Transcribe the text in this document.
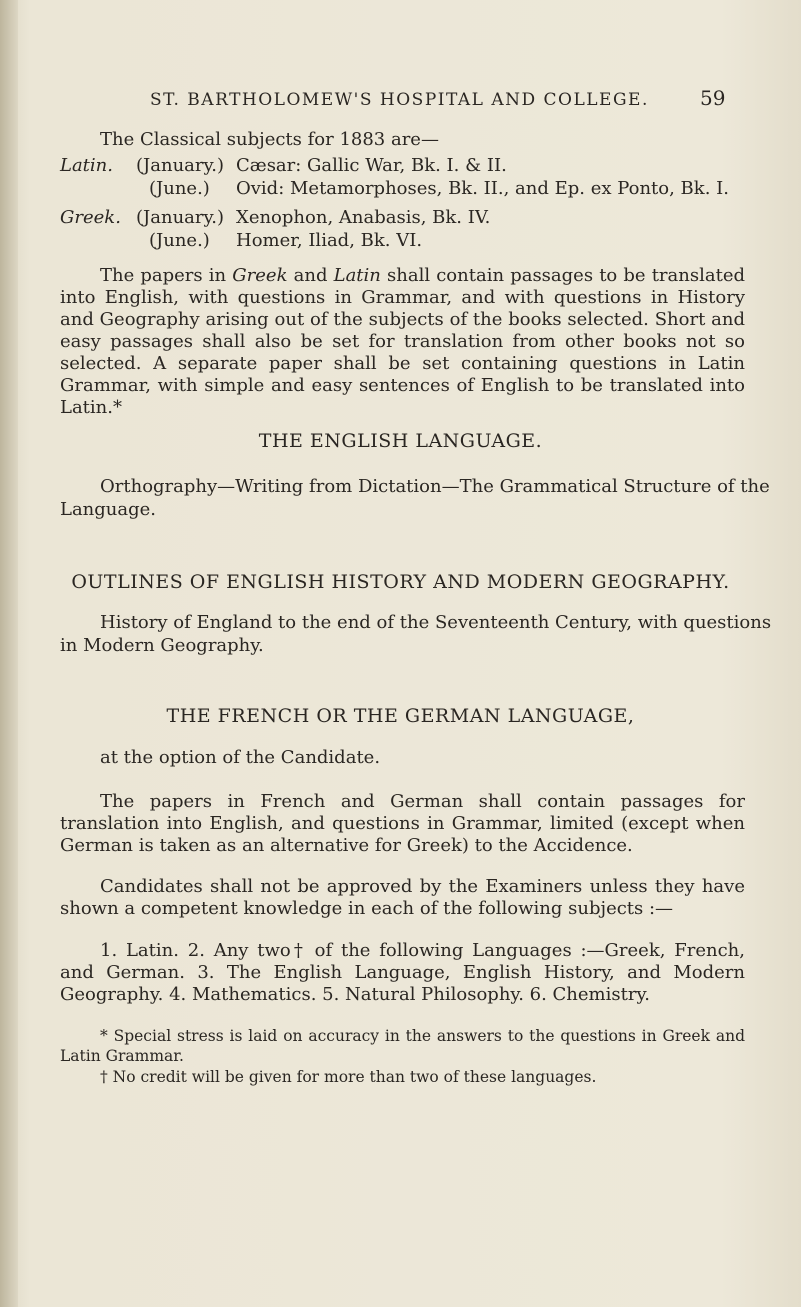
ST. BARTHOLOMEW'S HOSPITAL AND COLLEGE.	59
The Classical subjects for 1883 are—
Latin. (January.) Cæsar: Gallic War, Bk. I. & II.
(June.) Ovid: Metamorphoses, Bk. II., and Ep. ex Ponto, Bk. I.
Greek. (January.) Xenophon, Anabasis, Bk. IV.
(June.) Homer, Iliad, Bk. VI.
The papers in Greek and Latin shall contain passages to be translated into English, with questions in Grammar, and with questions in History and Geography arising out of the subjects of the books selected. Short and easy passages shall also be set for translation from other books not so selected. A separate paper shall be set containing questions in Latin Grammar, with simple and easy sentences of English to be translated into Latin.*
THE ENGLISH LANGUAGE.
Orthography—Writing from Dictation—The Grammatical Structure of the
Language.
OUTLINES OF ENGLISH HISTORY AND MODERN GEOGRAPHY.
History of England to the end of the Seventeenth Century, with questions
in Modern Geography.
THE FRENCH OR THE GERMAN LANGUAGE,
at the option of the Candidate.
The papers in French and German shall contain passages for translation into English, and questions in Grammar, limited (except when German is taken as an alternative for Greek) to the Accidence.
Candidates shall not be approved by the Examiners unless they have shown a competent knowledge in each of the following subjects :—
1. Latin. 2. Any two† of the following Languages :—Greek, French, and German. 3. The English Language, English History, and Modern Geography. 4. Mathematics. 5. Natural Philosophy. 6. Chemistry.
* Special stress is laid on accuracy in the answers to the questions in Greek and Latin Grammar.
† No credit will be given for more than two of these languages.
